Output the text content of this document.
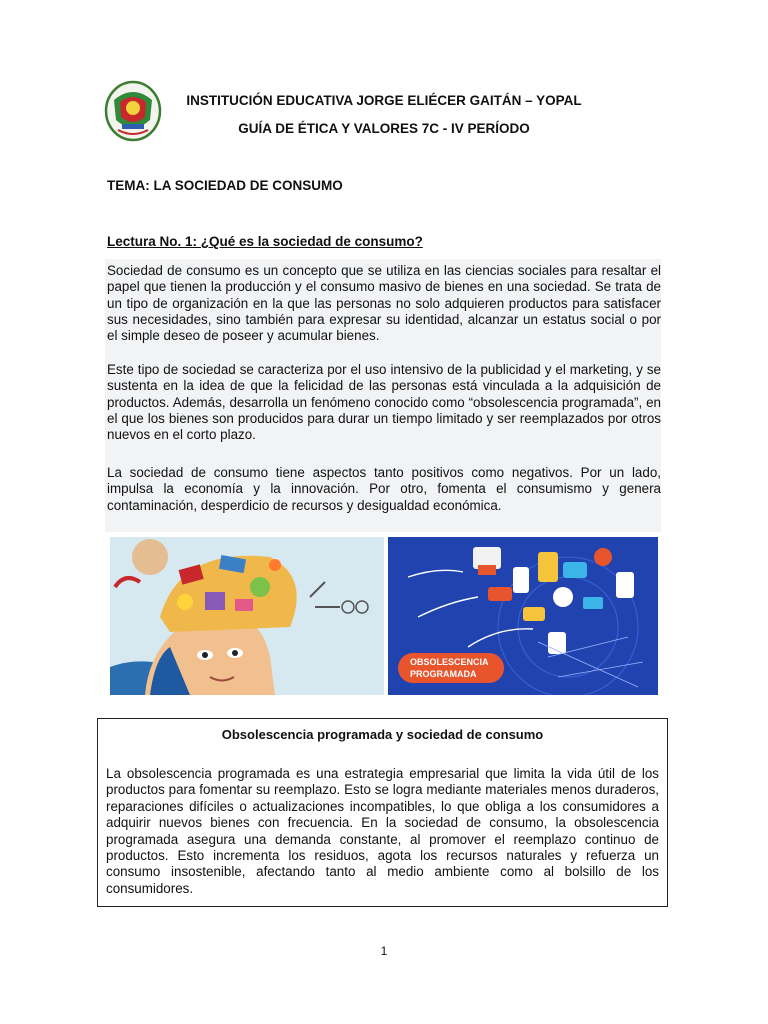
INSTITUCIÓN EDUCATIVA JORGE ELIÉCER GAITÁN – YOPAL
GUÍA DE ÉTICA Y VALORES 7C - IV PERÍODO
TEMA: LA SOCIEDAD DE CONSUMO
Lectura No. 1: ¿Qué es la sociedad de consumo?
Sociedad de consumo es un concepto que se utiliza en las ciencias sociales para resaltar el papel que tienen la producción y el consumo masivo de bienes en una sociedad. Se trata de un tipo de organización en la que las personas no solo adquieren productos para satisfacer sus necesidades, sino también para expresar su identidad, alcanzar un estatus social o por el simple deseo de poseer y acumular bienes.
Este tipo de sociedad se caracteriza por el uso intensivo de la publicidad y el marketing, y se sustenta en la idea de que la felicidad de las personas está vinculada a la adquisición de productos. Además, desarrolla un fenómeno conocido como “obsolescencia programada”, en el que los bienes son producidos para durar un tiempo limitado y ser reemplazados por otros nuevos en el corto plazo.
La sociedad de consumo tiene aspectos tanto positivos como negativos. Por un lado, impulsa la economía y la innovación. Por otro, fomenta el consumismo y genera contaminación, desperdicio de recursos y desigualdad económica.
OBSOLESCENCIA
PROGRAMADA
Obsolescencia programada y sociedad de consumo
La obsolescencia programada es una estrategia empresarial que limita la vida útil de los productos para fomentar su reemplazo. Esto se logra mediante materiales menos duraderos, reparaciones difíciles o actualizaciones incompatibles, lo que obliga a los consumidores a adquirir nuevos bienes con frecuencia. En la sociedad de consumo, la obsolescencia programada asegura una demanda constante, al promover el reemplazo continuo de productos. Esto incrementa los residuos, agota los recursos naturales y refuerza un consumo insostenible, afectando tanto al medio ambiente como al bolsillo de los consumidores.
1
